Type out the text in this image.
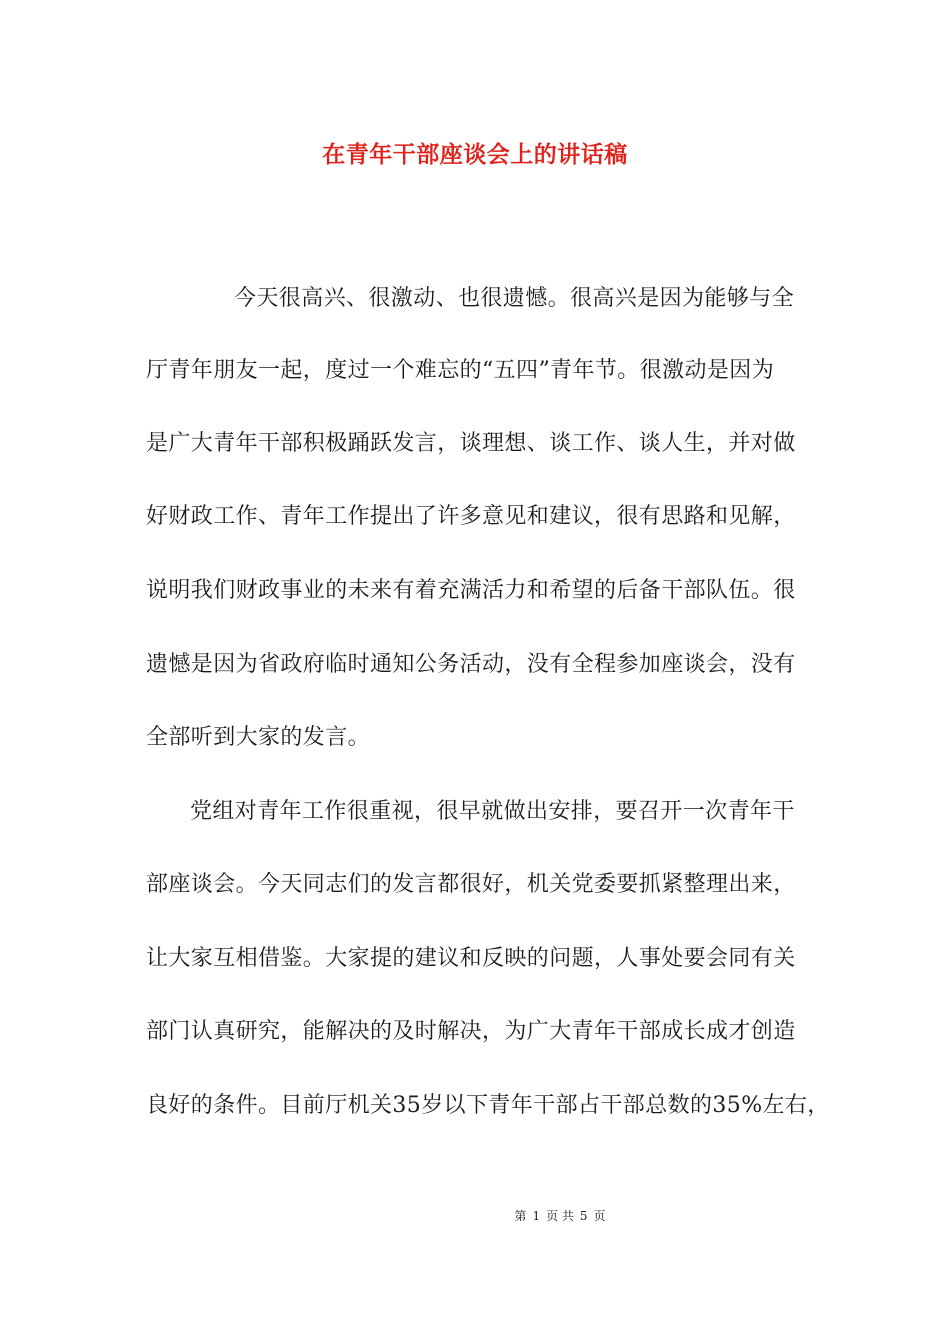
在青年干部座谈会上的讲话稿
今天很高兴、很激动、也很遗憾。很高兴是因为能够与全
厅青年朋友一起，度过一个难忘的“五四”青年节。很激动是因为
是广大青年干部积极踊跃发言，谈理想、谈工作、谈人生，并对做
好财政工作、青年工作提出了许多意见和建议，很有思路和见解，
说明我们财政事业的未来有着充满活力和希望的后备干部队伍。很
遗憾是因为省政府临时通知公务活动，没有全程参加座谈会，没有
全部听到大家的发言。
党组对青年工作很重视，很早就做出安排，要召开一次青年干
部座谈会。今天同志们的发言都很好，机关党委要抓紧整理出来，
让大家互相借鉴。大家提的建议和反映的问题，人事处要会同有关
部门认真研究，能解决的及时解决，为广大青年干部成长成才创造
良好的条件。目前厅机关35岁以下青年干部占干部总数的35%左右，
第 1 页 共 5 页
